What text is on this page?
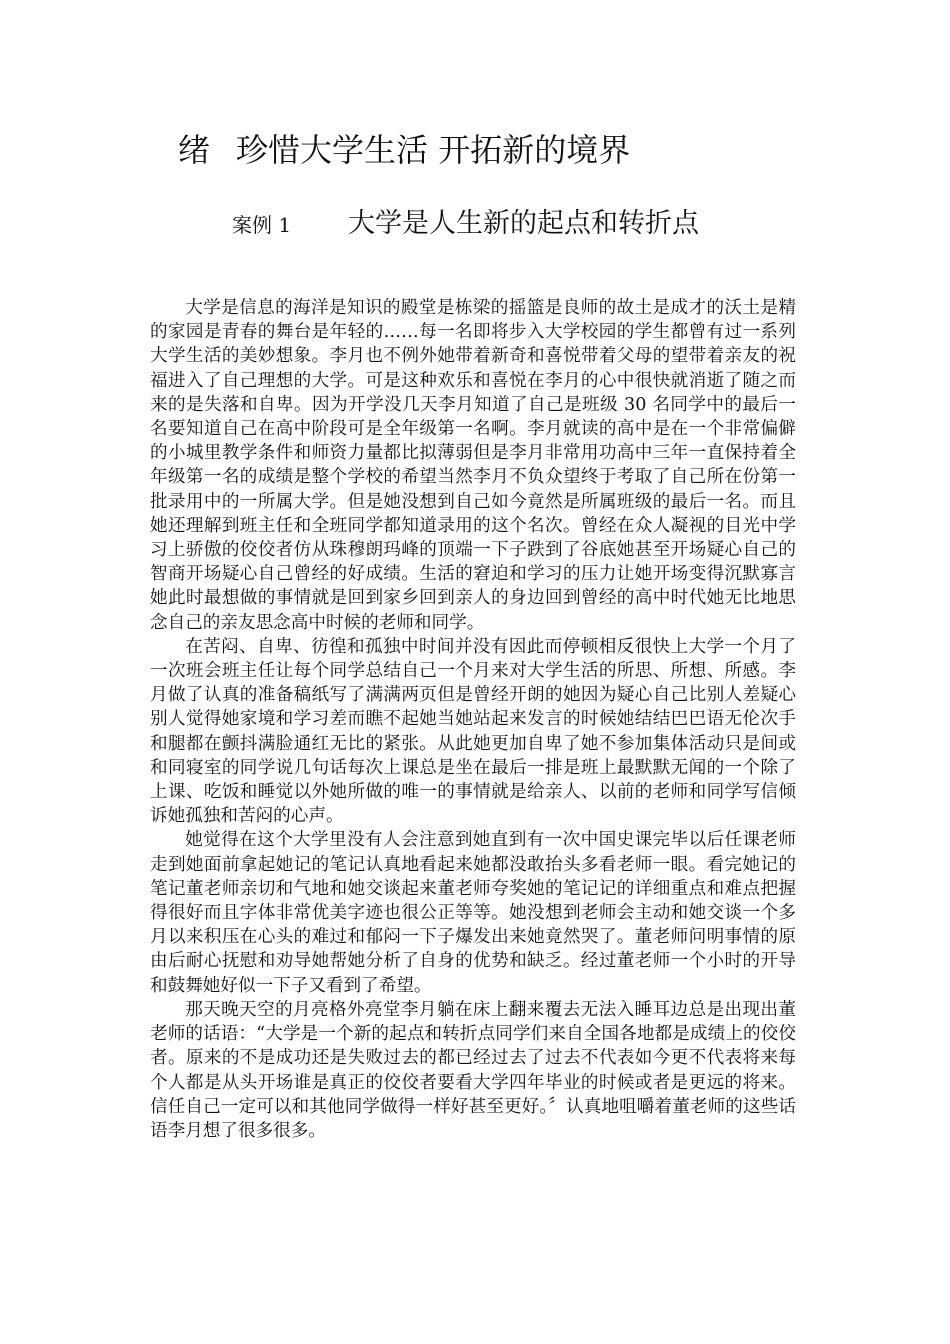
绪 珍惜大学生活 开拓新的境界
案例 1 大学是人生新的起点和转折点

大学是信息的海洋是知识的殿堂是栋梁的摇篮是良师的故土是成才的沃土是精的家园是青春的舞台是年轻的……每一名即将步入大学校园的学生都曾有过一系列大学生活的美妙想象。李月也不例外她带着新奇和喜悦带着父母的望带着亲友的祝福进入了自己理想的大学。可是这种欢乐和喜悦在李月的心中很快就消逝了随之而来的是失落和自卑。因为开学没几天李月知道了自己是班级 30 名同学中的最后一名要知道自己在高中阶段可是全年级第一名啊。李月就读的高中是在一个非常偏僻的小城里教学条件和师资力量都比拟薄弱但是李月非常用功高中三年一直保持着全年级第一名的成绩是整个学校的希望当然李月不负众望终于考取了自己所在份第一批录用中的一所属大学。但是她没想到自己如今竟然是所属班级的最后一名。而且她还理解到班主任和全班同学都知道录用的这个名次。曾经在众人凝视的目光中学习上骄傲的佼佼者仿从珠穆朗玛峰的顶端一下子跌到了谷底她甚至开场疑心自己的智商开场疑心自己曾经的好成绩。生活的窘迫和学习的压力让她开场变得沉默寡言她此时最想做的事情就是回到家乡回到亲人的身边回到曾经的高中时代她无比地思念自己的亲友思念高中时候的老师和同学。

在苦闷、自卑、彷徨和孤独中时间并没有因此而停顿相反很快上大学一个月了一次班会班主任让每个同学总结自己一个月来对大学生活的所思、所想、所感。李月做了认真的准备稿纸写了满满两页但是曾经开朗的她因为疑心自己比别人差疑心别人觉得她家境和学习差而瞧不起她当她站起来发言的时候她结结巴巴语无伦次手和腿都在颤抖满脸通红无比的紧张。从此她更加自卑了她不参加集体活动只是间或和同寝室的同学说几句话每次上课总是坐在最后一排是班上最默默无闻的一个除了上课、吃饭和睡觉以外她所做的唯一的事情就是给亲人、以前的老师和同学写信倾诉她孤独和苦闷的心声。

她觉得在这个大学里没有人会注意到她直到有一次中国史课完毕以后任课老师走到她面前拿起她记的笔记认真地看起来她都没敢抬头多看老师一眼。看完她记的笔记董老师亲切和气地和她交谈起来董老师夸奖她的笔记记的详细重点和难点把握得很好而且字体非常优美字迹也很公正等等。她没想到老师会主动和她交谈一个多月以来积压在心头的难过和郁闷一下子爆发出来她竟然哭了。董老师问明事情的原由后耐心抚慰和劝导她帮她分析了自身的优势和缺乏。经过董老师一个小时的开导和鼓舞她好似一下子又看到了希望。

那天晚天空的月亮格外亮堂李月躺在床上翻来覆去无法入睡耳边总是出现出董老师的话语：“大学是一个新的起点和转折点同学们来自全国各地都是成绩上的佼佼者。原来的不是成功还是失败过去的都已经过去了过去不代表如今更不代表将来每个人都是从头开场谁是真正的佼佼者要看大学四年毕业的时候或者是更远的将来。信任自己一定可以和其他同学做得一样好甚至更好。〞认真地咀嚼着董老师的这些话语李月想了很多很多。
